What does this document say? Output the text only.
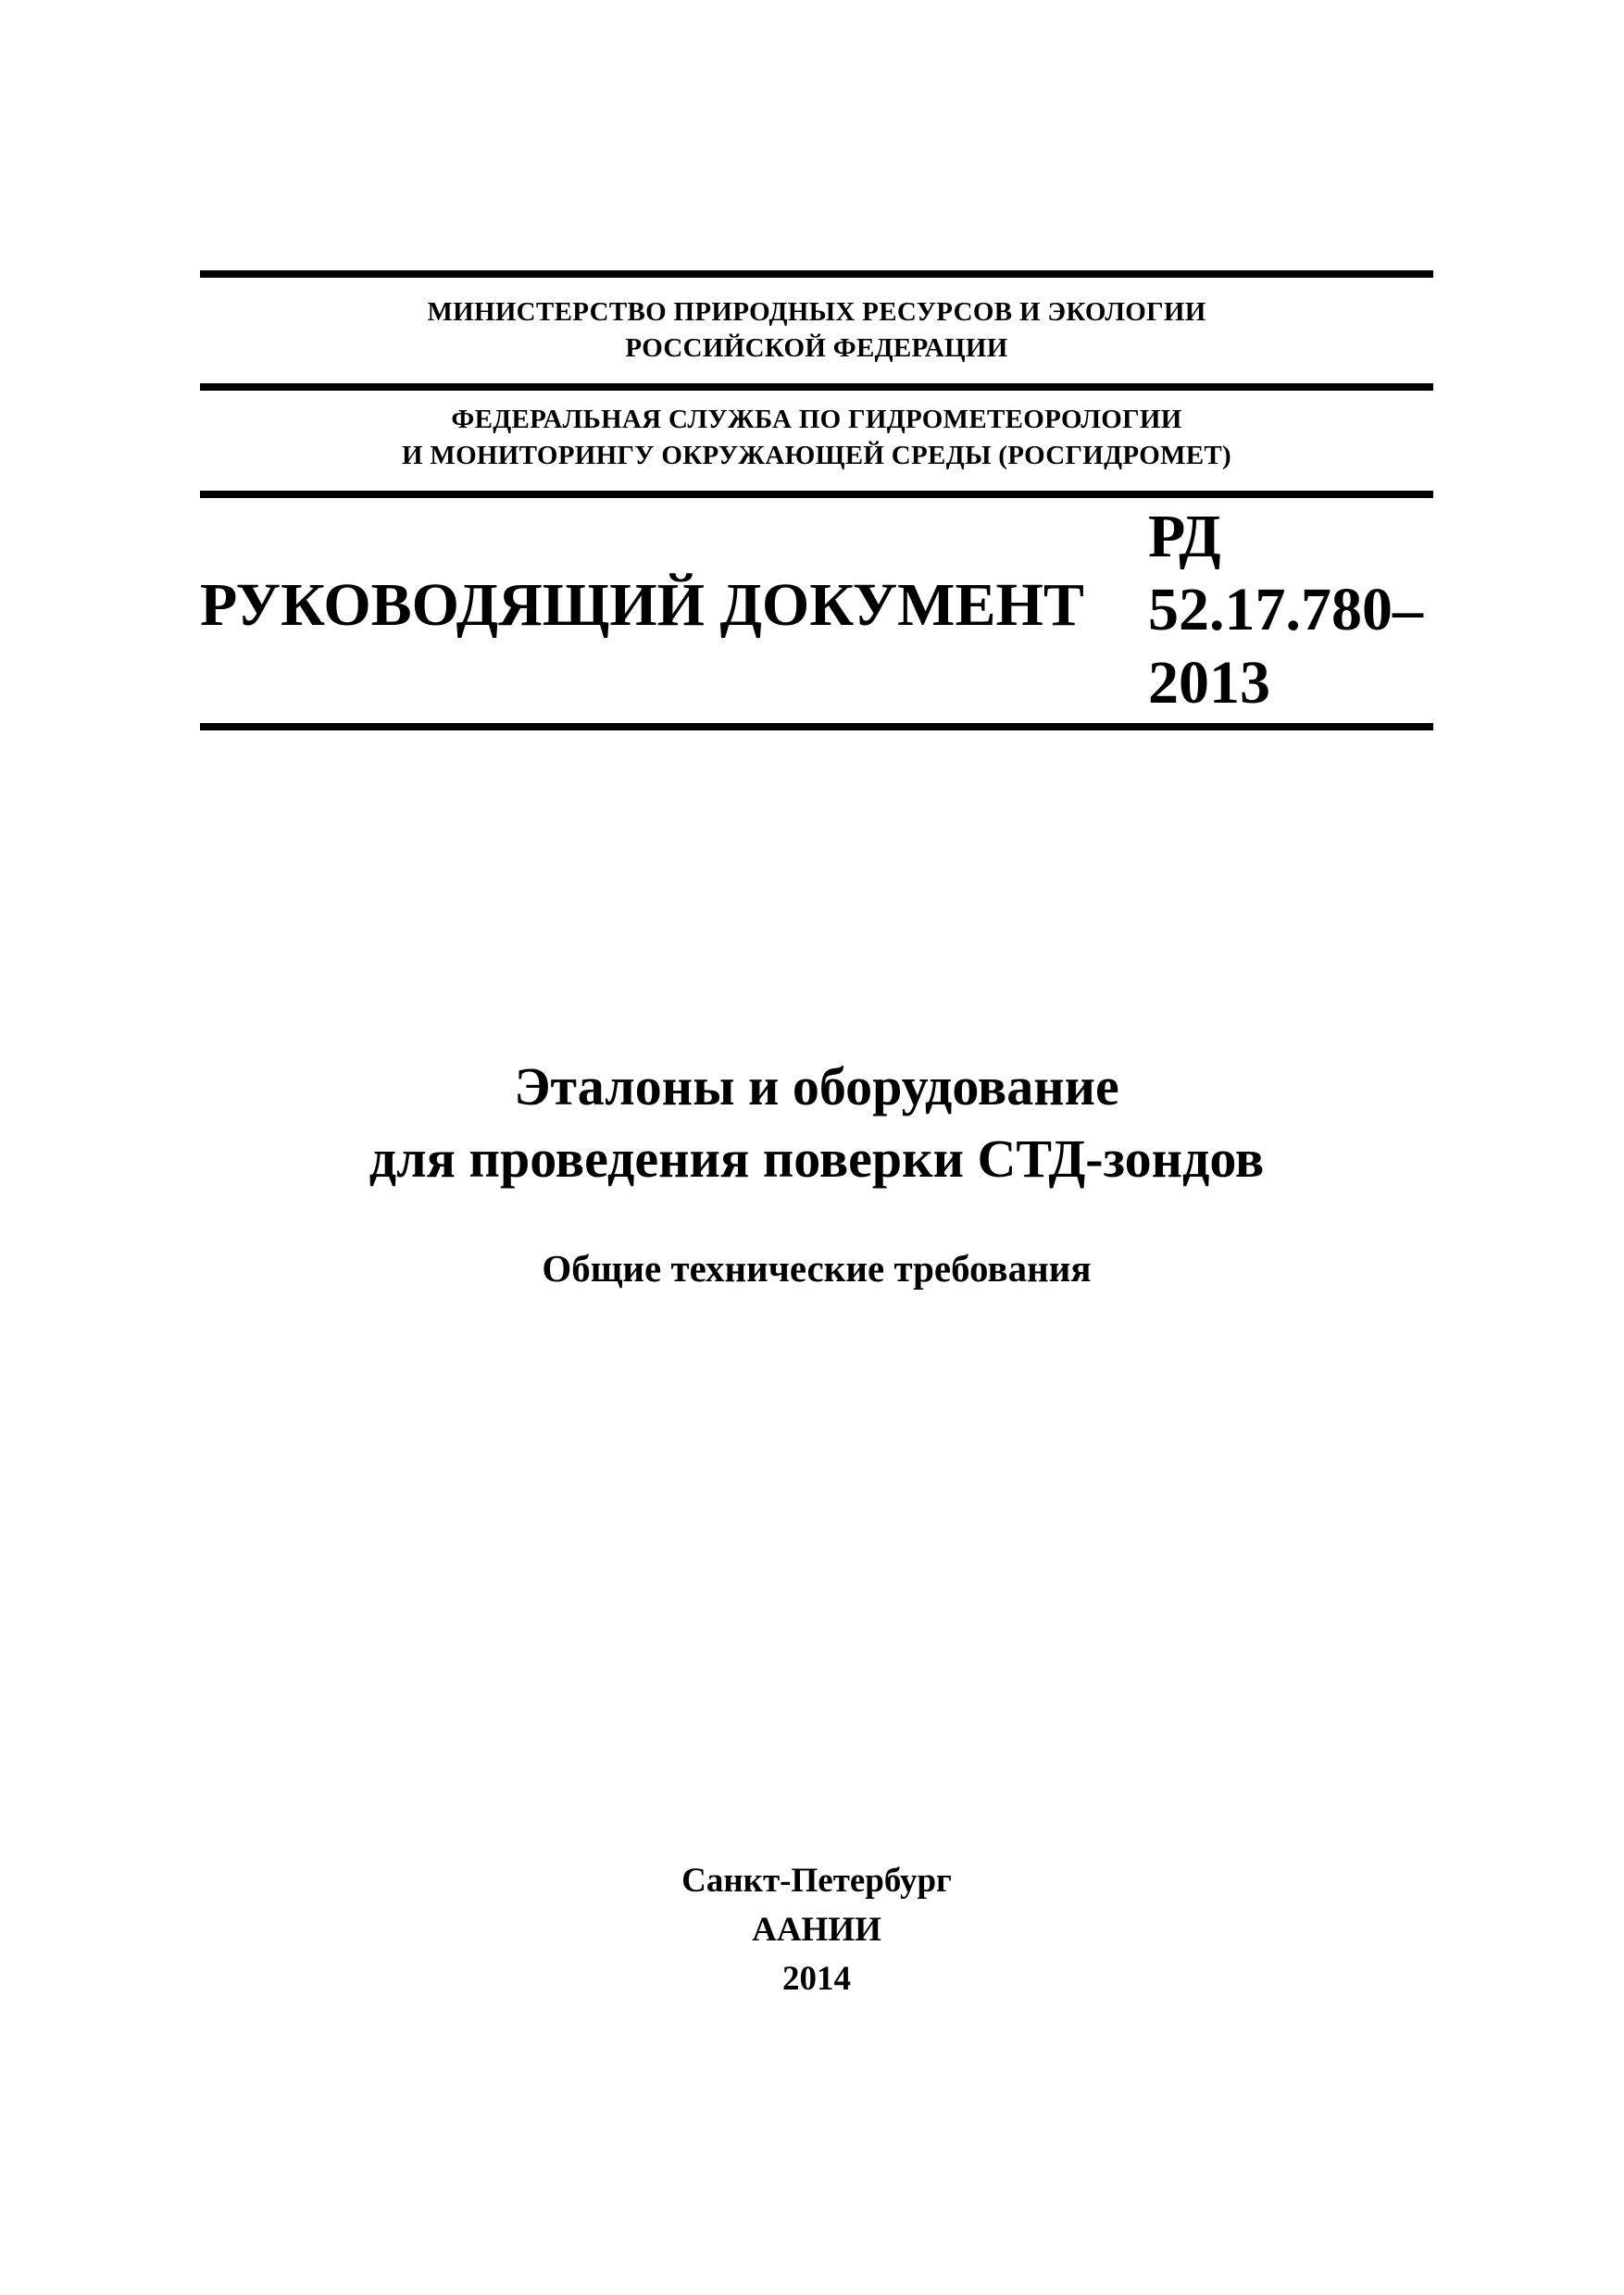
МИНИСТЕРСТВО ПРИРОДНЫХ РЕСУРСОВ И ЭКОЛОГИИ
РОССИЙСКОЙ ФЕДЕРАЦИИ
ФЕДЕРАЛЬНАЯ СЛУЖБА ПО ГИДРОМЕТЕОРОЛОГИИ
И МОНИТОРИНГУ ОКРУЖАЮЩЕЙ СРЕДЫ (РОСГИДРОМЕТ)
РУКОВОДЯЩИЙ ДОКУМЕНТ
РД
52.17.780–
2013
Эталоны и оборудование
для проведения поверки СТД-зондов
Общие технические требования
Санкт-Петербург
ААНИИ
2014
